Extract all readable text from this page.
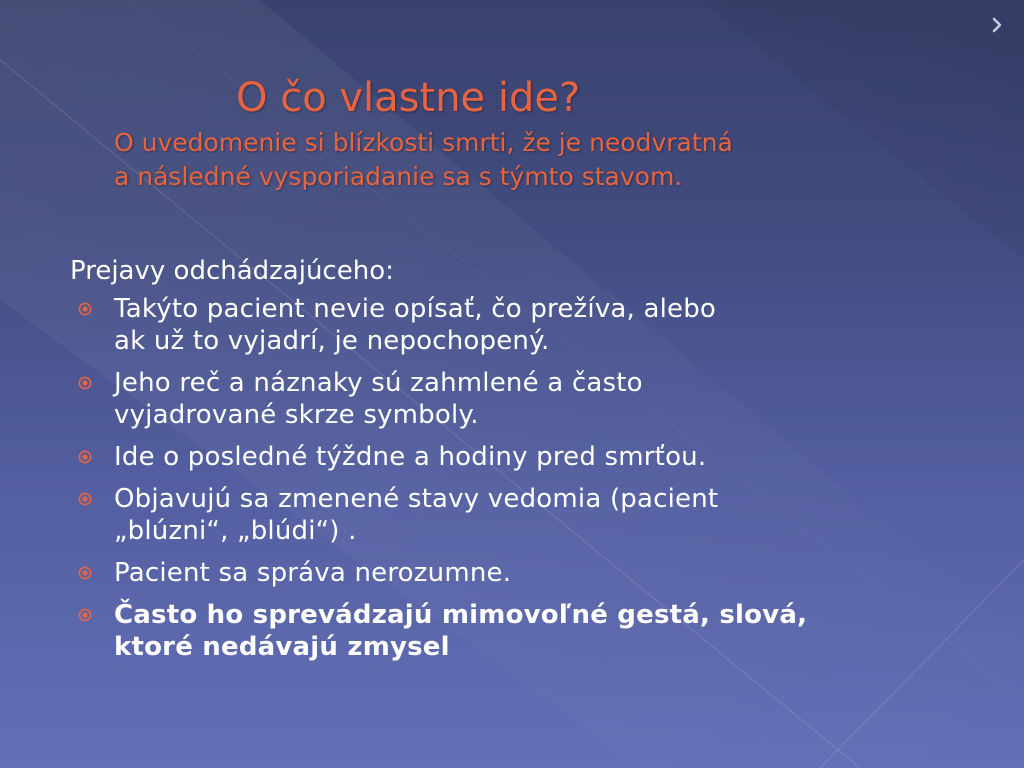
O čo vlastne ide?
O uvedomenie si blízkosti smrti, že je neodvratná
a následné vysporiadanie sa s týmto stavom.
Prejavy odchádzajúceho:
Takýto pacient nevie opísať, čo prežíva, alebo
ak už to vyjadrí, je nepochopený.
Jeho reč a náznaky sú zahmlené a často
vyjadrované skrze symboly.
Ide o posledné týždne a hodiny pred smrťou.
Objavujú sa zmenené stavy vedomia (pacient
„blúzni“, „blúdi“) .
Pacient sa správa nerozumne.
Často ho sprevádzajú mimovoľné gestá, slová,
ktoré nedávajú zmysel
